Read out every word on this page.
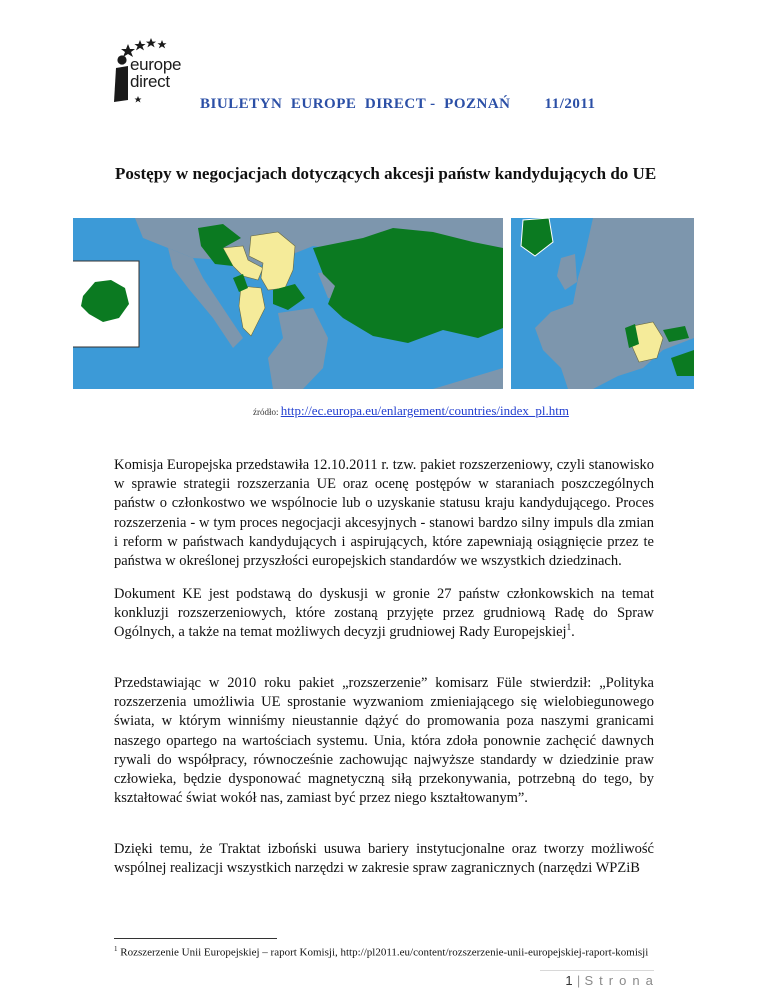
europe
direct
BIULETYN  EUROPE  DIRECT -  POZNAŃ 11/2011
Postępy w negocjacjach dotyczących akcesji państw kandydujących do UE
źródło: http://ec.europa.eu/enlargement/countries/index_pl.htm
Komisja Europejska przedstawiła 12.10.2011 r. tzw. pakiet rozszerzeniowy, czyli stanowisko w sprawie strategii rozszerzania UE oraz ocenę postępów w staraniach poszczególnych państw o członkostwo we wspólnocie lub o uzyskanie statusu kraju kandydującego. Proces rozszerzenia - w tym proces negocjacji akcesyjnych - stanowi bardzo silny impuls dla zmian i reform w państwach kandydujących i aspirujących, które zapewniają osiągnięcie przez te państwa w określonej przyszłości europejskich standardów we wszystkich dziedzinach.
Dokument KE jest podstawą do dyskusji w gronie 27 państw członkowskich na temat konkluzji rozszerzeniowych, które zostaną przyjęte przez grudniową Radę do Spraw Ogólnych, a także na temat możliwych decyzji grudniowej Rady Europejskiej$^1$.
Przedstawiając w 2010 roku pakiet „rozszerzenie” komisarz Füle stwierdził: „Polityka rozszerzenia umożliwia UE sprostanie wyzwaniom zmieniającego się wielobiegunowego świata, w którym winniśmy nieustannie dążyć do promowania poza naszymi granicami naszego opartego na wartościach systemu. Unia, która zdoła ponownie zachęcić dawnych rywali do współpracy, równocześnie zachowując najwyższe standardy w dziedzinie praw człowieka, będzie dysponować magnetyczną siłą przekonywania, potrzebną do tego, by kształtować świat wokół nas, zamiast być przez niego kształtowanym”.
Dzięki temu, że Traktat izboński usuwa bariery instytucjonalne oraz tworzy możliwość wspólnej realizacji wszystkich narzędzi w zakresie spraw zagranicznych (narzędzi WPZiB
$^1$ Rozszerzenie Unii Europejskiej – raport Komisji, http://pl2011.eu/content/rozszerzenie-unii-europejskiej-raport-komisji
1 | S t r o n a
